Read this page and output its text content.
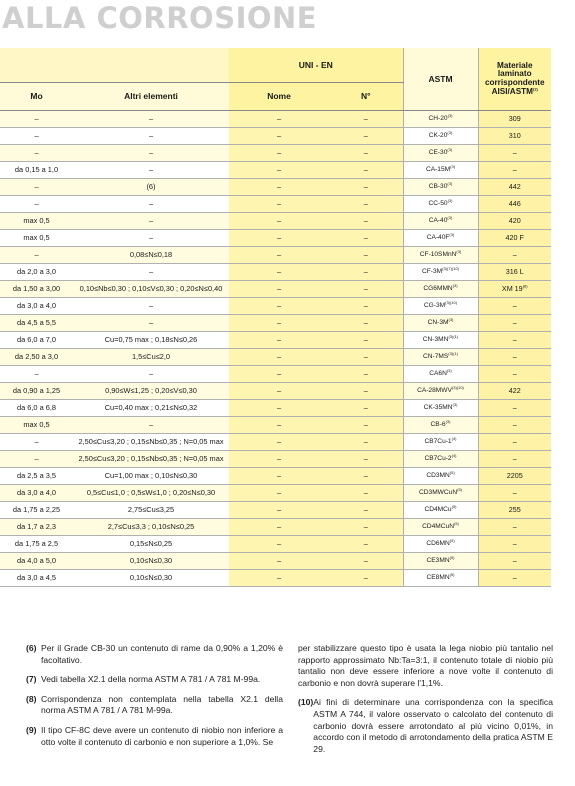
ALLA CORROSIONE
		UNI - EN		ASTM	Materiale laminato corrispondente AISI/ASTM$^{(2)}$
Mo	Altri elementi	Nome	N°		
–	–	–	–	CH-20$^{(3)}$	309
–	–	–	–	CK-20$^{(3)}$	310
–	–	–	–	CE-30$^{(3)}$	–
da 0,15 a 1,0	–	–	–	$CA-15M^{(3)}$	–
–	(6)	–	–	CB-30$^{(3)}$	442
–	–	–	–	CC-50$^{(3)}$	446
max 0,5	–	–	–	CA-40$^{(3)}$	420
max 0,5	–	–	–	$CA-40F^{(3)}$	420 F
–	0,08≤N≤0,18	–	–	CF-10SMnN$^{(3)}$	–
da 2,0 a 3,0	–	–	–	$CF-3M^{(3)(7)(10)}$	316 L
da 1,50 a 3,00	0,10≤Nb≤0,30 ; 0,10≤V≤0,30 ; 0,20≤N≤0,40	–	–	CG6MMN$^{(3)}$	XM 19$^{(8)}$
da 3,0 a 4,0	–	–	–	$CG-3M^{(3)(10)}$	–
da 4,5 a 5,5	–	–	–	$CN-3M^{(3)}$	–
da 6,0 a 7,0	Cu=0,75 max ; 0,18≤N≤0,26	–	–	$CN-3MN^{(3)(1)}$	–
da 2,50 a 3,0	1,5≤Cu≤2,0	–	–	$CN-7MS^{(3)(1)}$	–
–	–	–	–	$CA6N^{(3)}$	–
da 0,90 a 1,25	0,90≤W≤1,25 ; 0,20≤V≤0,30	–	–	$CA-28MWV^{(3)(10)}$	422
da 6,0 a 6,8	Cu=0,40 max ; 0,21≤N≤0,32	–	–	CK-35MN$^{(3)}$	–
max 0,5	–	–	–	CB-6$^{(3)}$	–
–	2,50≤Cu≤3,20 ; 0,15≤Nb≤0,35 ; N=0,05 max	–	–	CB7Cu-1$^{(4)}$	–
–	2,50≤Cu≤3,20 ; 0,15≤Nb≤0,35 ; N=0,05 max	–	–	CB7Cu-2$^{(4)}$	–
da 2,5 a 3,5	Cu=1,00 max ; 0,10≤N≤0,30	–	–	CD3MN$^{(5)}$	2205
da 3,0 a 4,0	0,5≤Cu≤1,0 ; 0,5≤W≤1,0 ; 0,20≤N≤0,30	–	–	CD3MWCuN$^{(5)}$	–
da 1,75 a 2,25	2,75≤Cu≤3,25	–	–	CD4MCu$^{(5)}$	255
da 1,7 a 2,3	2,7≤Cu≤3,3 ; 0,10≤N≤0,25	–	–	CD4MCuN$^{(5)}$	–
da 1,75 a 2,5	0,15≤N≤0,25	–	–	CD6MN$^{(5)}$	–
da 4,0 a 5,0	0,10≤N≤0,30	–	–	CE3MN$^{(5)}$	–
da 3,0 a 4,5	0,10≤N≤0,30	–	–	CE8MN$^{(5)}$	–
(6) Per il Grade CB-30 un contenuto di rame da 0,90% a 1,20% è facoltativo.
(7) Vedi tabella X2.1 della norma ASTM A 781 / A 781 M-99a.
(8) Corrispondenza non contemplata nella tabella X2.1 della norma ASTM A 781 / A 781 M-99a.
(9) Il tipo CF-8C deve avere un contenuto di niobio non inferiore a otto volte il contenuto di carbonio e non superiore a 1,0%. Se
per stabilizzare questo tipo è usata la lega niobio più tantalio nel rapporto approssimato Nb:Ta=3:1, il contenuto totale di niobio più tantalio non deve essere inferiore a nove volte il contenuto di carbonio e non dovrà superare l'1,1%.
(10) Ai fini di determinare una corrispondenza con la specifica ASTM A 744, il valore osservato o calcolato del contenuto di carbonio dovrà essere arrotondato al più vicino 0,01%, in accordo con il metodo di arrotondamento della pratica ASTM E 29.
